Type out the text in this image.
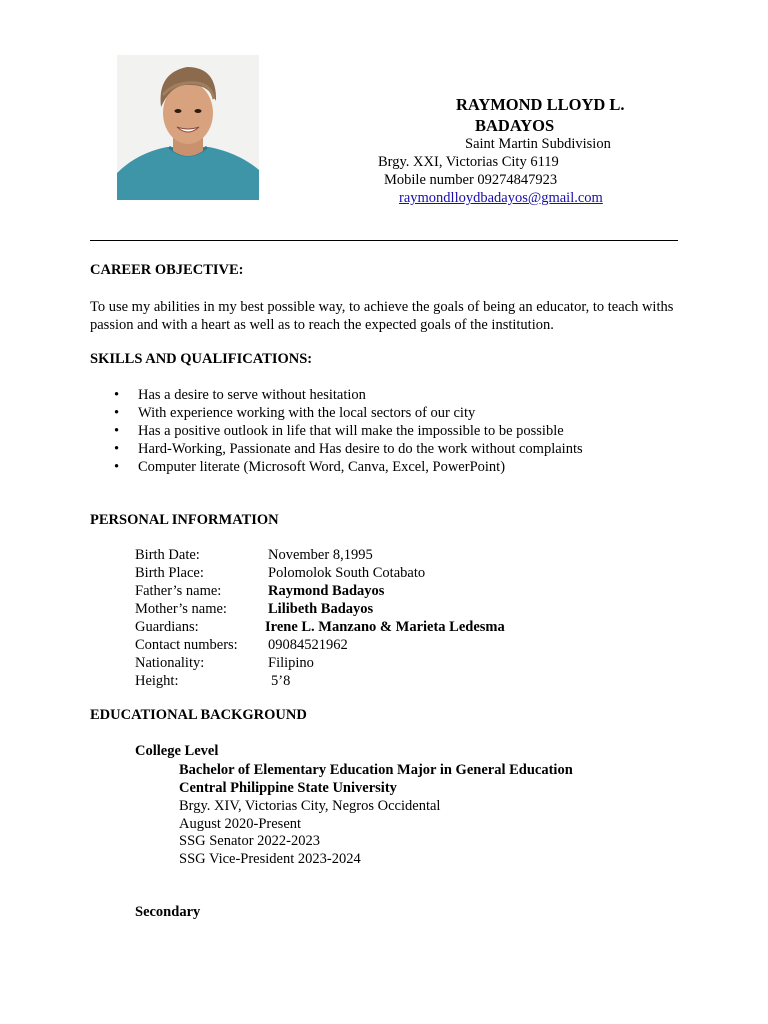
RAYMOND LLOYD L.
BADAYOS
Saint Martin Subdivision
Brgy. XXI, Victorias City 6119
Mobile number 09274847923
raymondlloydbadayos@gmail.com
CAREER OBJECTIVE:
To use my abilities in my best possible way, to achieve the goals of being an educator, to teach withs passion and with a heart as well as to reach the expected goals of the institution.
SKILLS AND QUALIFICATIONS:
• Has a desire to serve without hesitation
• With experience working with the local sectors of our city
• Has a positive outlook in life that will make the impossible to be possible
• Hard-Working, Passionate and Has desire to do the work without complaints
• Computer literate (Microsoft Word, Canva, Excel, PowerPoint)
PERSONAL INFORMATION
Birth Date:	November 8,1995
Birth Place:	Polomolok South Cotabato
Father’s name:	Raymond Badayos
Mother’s name:	Lilibeth Badayos
Guardians:	Irene L. Manzano & Marieta Ledesma
Contact numbers: 09084521962
Nationality:	Filipino
Height:	5’8
EDUCATIONAL BACKGROUND
College Level
Bachelor of Elementary Education Major in General Education
Central Philippine State University
Brgy. XIV, Victorias City, Negros Occidental
August 2020-Present
SSG Senator 2022-2023
SSG Vice-President 2023-2024
Secondary
